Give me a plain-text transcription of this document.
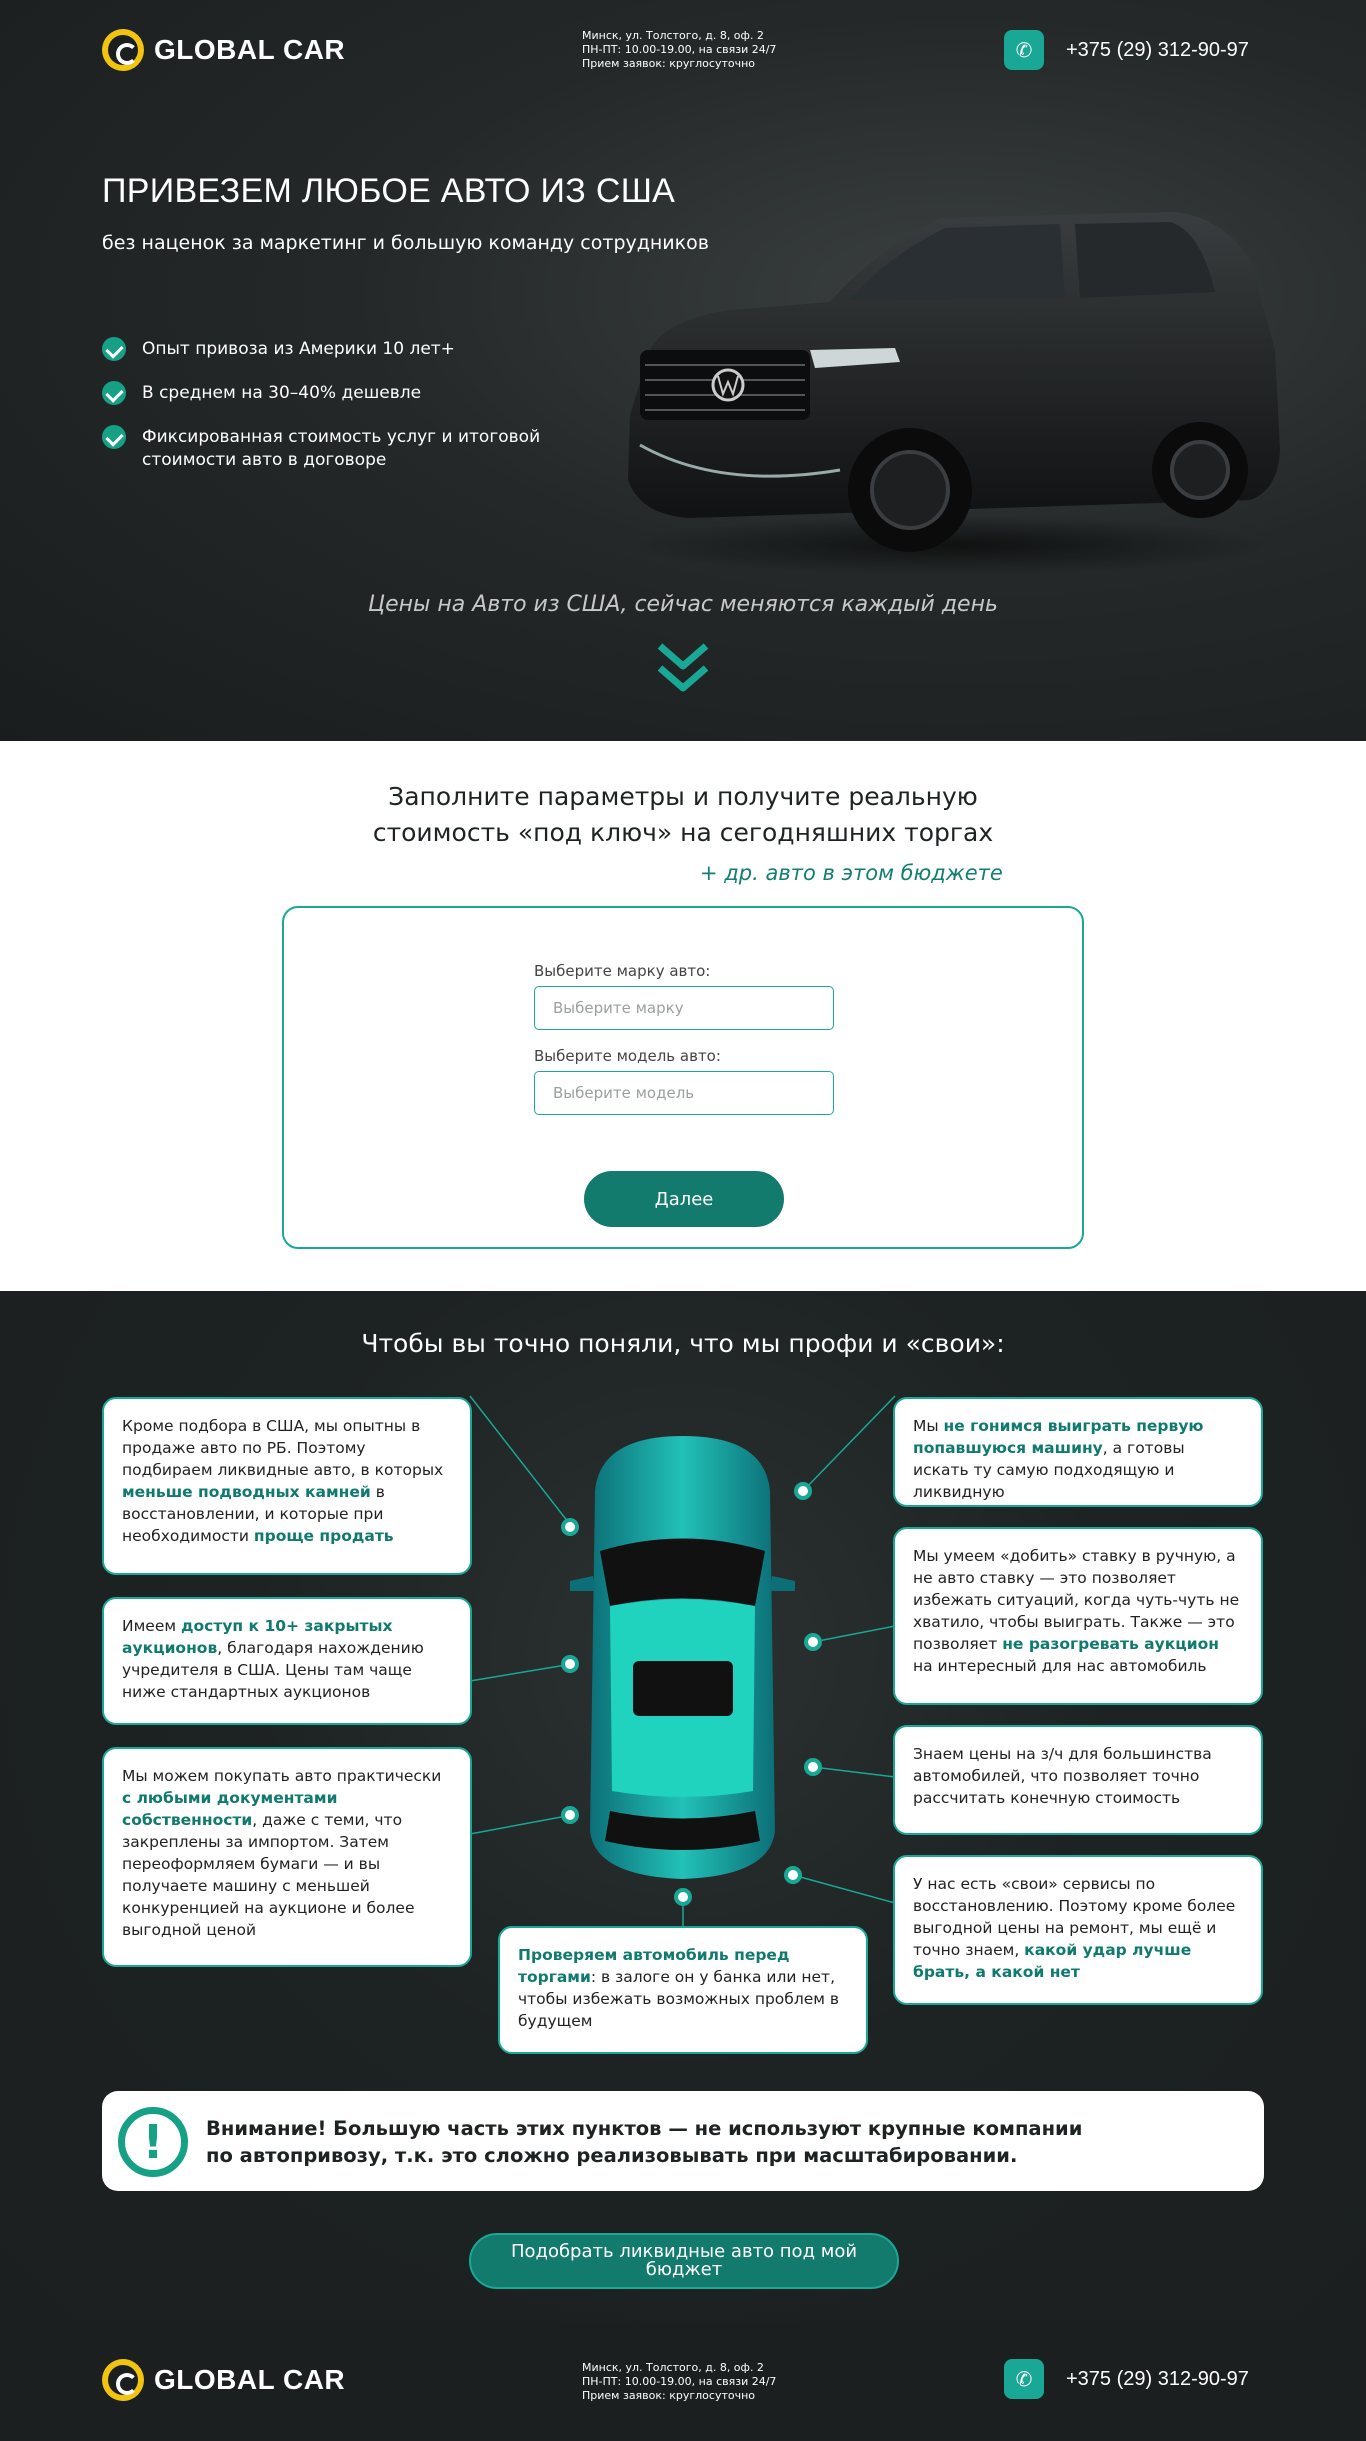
ПРИВЕЗЕМ ЛЮБОЕ АВТО ИЗ США

без наценок за маркетинг и большую команду сотрудников

Опыт привоза из Америки 10 лет+
В среднем на 30–40% дешевле
Фиксированная стоимость услуг и итоговой стоимости авто в договоре

Цены на Авто из США, сейчас меняются каждый день

GLOBAL CAR	Минск, ул. Толстого, д. 8, оф. 2
ПН-ПТ: 10.00-19.00, на связи 24/7
Прием заявок: круглосуточно
✆	+375 (29) 312-90-97
Заполните параметры и получите реальную
стоимость «под ключ» на сегодняшних торгах

+ др. авто в этом бюджете

Выберите марку авто:
Выберите марку
Выберите модель авто:
Выберите модель
Далее
Чтобы вы точно поняли, что мы профи и «свои»:
Кроме подбора в США, мы опытны в продаже авто по РБ. Поэтому подбираем ликвидные авто, в которых меньше подводных камней в восстановлении, и которые при необходимости проще продать
Имеем доступ к 10+ закрытых аукционов, благодаря нахождению учредителя в США. Цены там чаще ниже стандартных аукционов
Мы можем покупать авто практически с любыми документами собственности, даже с теми, что закреплены за импортом. Затем переоформляем бумаги — и вы получаете машину с меньшей конкуренцией на аукционе и более выгодной ценой
Проверяем автомобиль перед торгами: в залоге он у банка или нет, чтобы избежать возможных проблем в будущем
Мы не гонимся выиграть первую попавшуюся машину, а готовы искать ту самую подходящую и ликвидную
Мы умеем «добить» ставку в ручную, а не авто ставку — это позволяет избежать ситуаций, когда чуть-чуть не хватило, чтобы выиграть. Также — это позволяет не разогревать аукцион на интересный для нас автомобиль
Знаем цены на з/ч для большинства автомобилей, что позволяет точно рассчитать конечную стоимость
У нас есть «свои» сервисы по восстановлению. Поэтому кроме более выгодной цены на ремонт, мы ещё и точно знаем, какой удар лучше брать, а какой нет
!	Внимание! Большую часть этих пунктов — не используют крупные компании
по автопривозу, т.к. это сложно реализовывать при масштабировании.

Подобрать ликвидные авто под мой бюджет
GLOBAL CAR	Минск, ул. Толстого, д. 8, оф. 2
ПН-ПТ: 10.00-19.00, на связи 24/7
Прием заявок: круглосуточно
✆	+375 (29) 312-90-97
